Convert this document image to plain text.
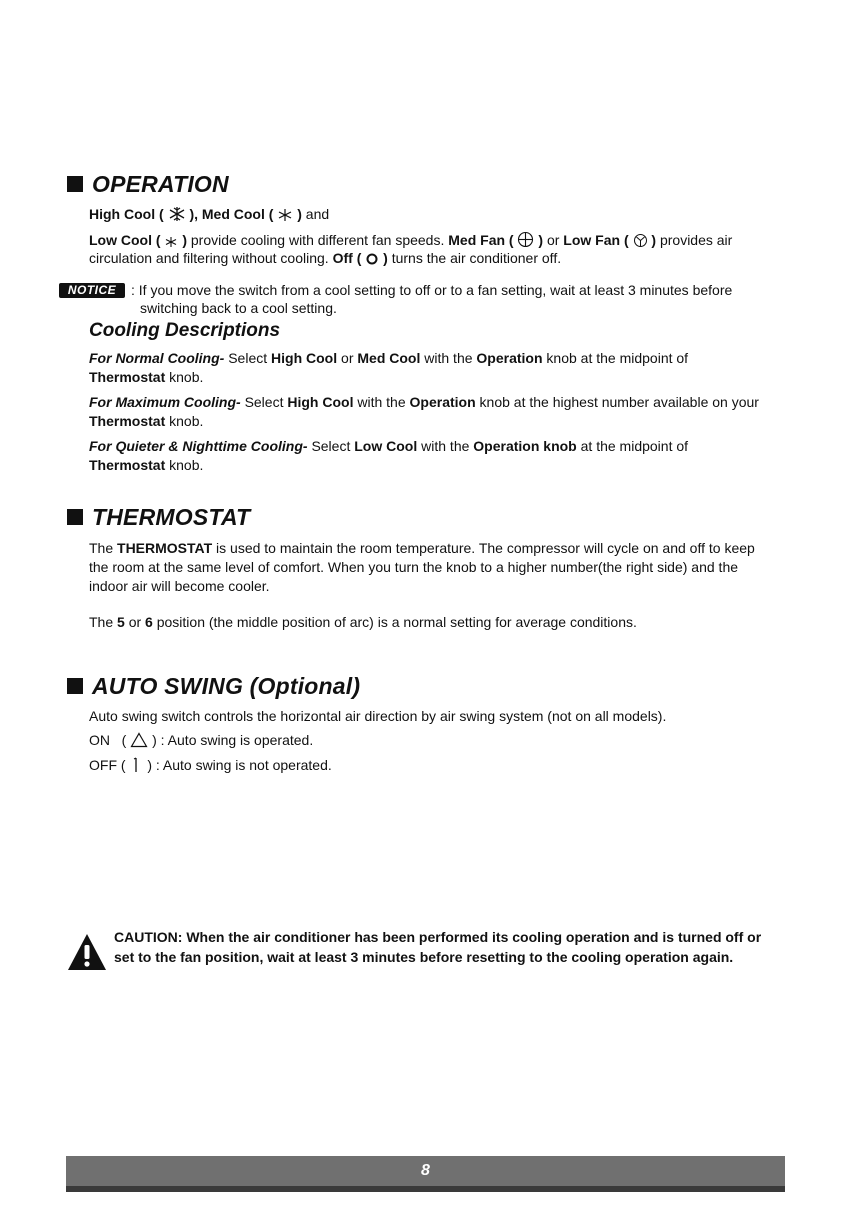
OPERATION
High Cool ( ), Med Cool ( ) and
Low Cool ( ) provide cooling with different fan speeds. Med Fan ( ) or Low Fan ( ) provides air
circulation and filtering without cooling. Off ( ) turns the air conditioner off.
NOTICE	: If you move the switch from a cool setting to off or to a fan setting, wait at least 3 minutes before
switching back to a cool setting.
Cooling Descriptions
For Normal Cooling- Select High Cool or Med Cool with the Operation knob at the midpoint of
Thermostat knob.
For Maximum Cooling- Select High Cool with the Operation knob at the highest number available on your
Thermostat knob.
For Quieter & Nighttime Cooling- Select Low Cool with the Operation knob at the midpoint of
Thermostat knob.
THERMOSTAT
The THERMOSTAT is used to maintain the room temperature. The compressor will cycle on and off to keep
the room at the same level of comfort. When you turn the knob to a higher number(the right side) and the
indoor air will become cooler.
The 5 or 6 position (the middle position of arc) is a normal setting for average conditions.
AUTO SWING (Optional)
Auto swing switch controls the horizontal air direction by air swing system (not on all models).
ON   ( ) : Auto swing is operated.
OFF ( ) : Auto swing is not operated.
CAUTION: When the air conditioner has been performed its cooling operation and is turned off or
set to the fan position, wait at least 3 minutes before resetting to the cooling operation again.
8
